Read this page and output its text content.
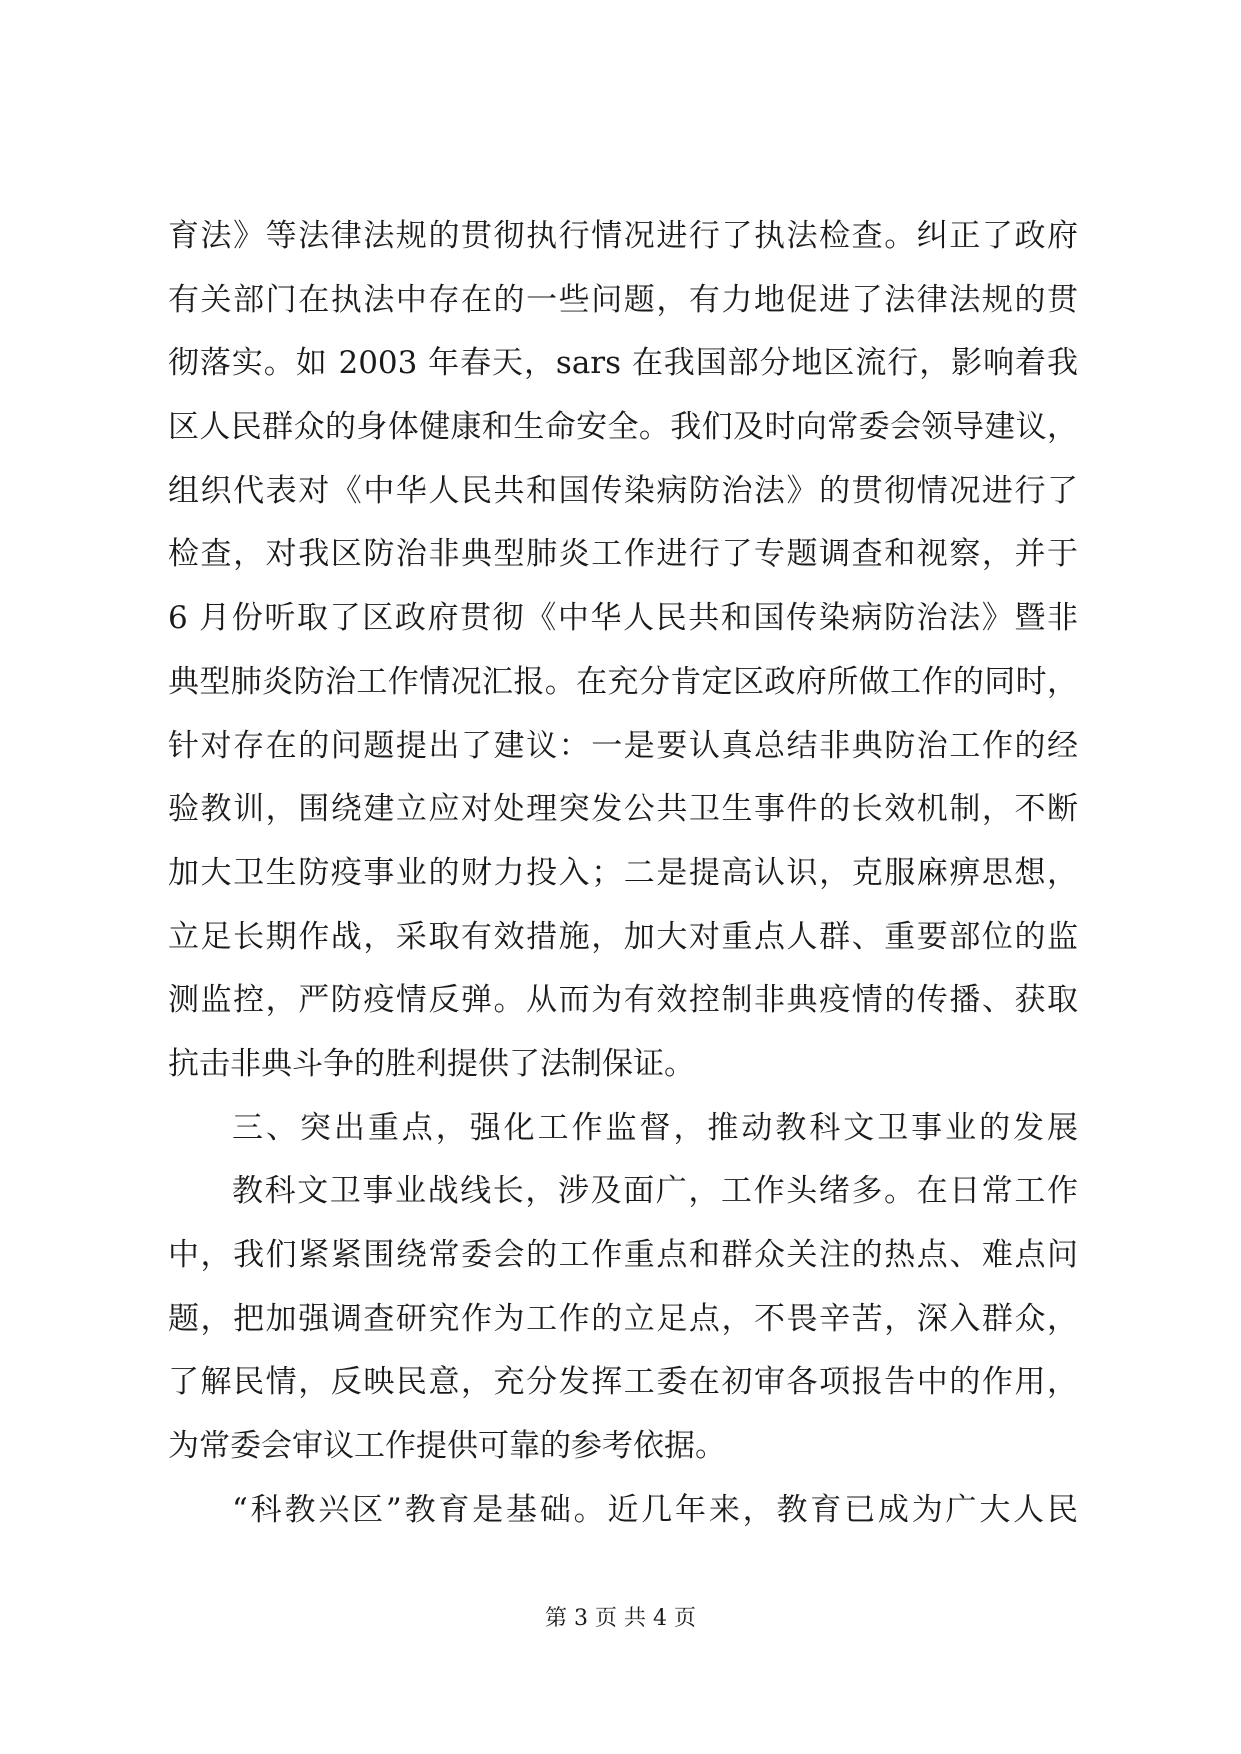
育法》等法律法规的贯彻执行情况进行了执法检查。纠正了政府
有关部门在执法中存在的一些问题，有力地促进了法律法规的贯
彻落实。如 2003 年春天，sars 在我国部分地区流行，影响着我
区人民群众的身体健康和生命安全。我们及时向常委会领导建议，
组织代表对《中华人民共和国传染病防治法》的贯彻情况进行了
检查，对我区防治非典型肺炎工作进行了专题调查和视察，并于
6 月份听取了区政府贯彻《中华人民共和国传染病防治法》暨非
典型肺炎防治工作情况汇报。在充分肯定区政府所做工作的同时，
针对存在的问题提出了建议：一是要认真总结非典防治工作的经
验教训，围绕建立应对处理突发公共卫生事件的长效机制，不断
加大卫生防疫事业的财力投入；二是提高认识，克服麻痹思想，
立足长期作战，采取有效措施，加大对重点人群、重要部位的监
测监控，严防疫情反弹。从而为有效控制非典疫情的传播、获取
抗击非典斗争的胜利提供了法制保证。
三、突出重点，强化工作监督，推动教科文卫事业的发展
教科文卫事业战线长，涉及面广，工作头绪多。在日常工作
中，我们紧紧围绕常委会的工作重点和群众关注的热点、难点问
题，把加强调查研究作为工作的立足点，不畏辛苦，深入群众，
了解民情，反映民意，充分发挥工委在初审各项报告中的作用，
为常委会审议工作提供可靠的参考依据。
“科教兴区”教育是基础。近几年来，教育已成为广大人民
第 3 页 共 4 页
